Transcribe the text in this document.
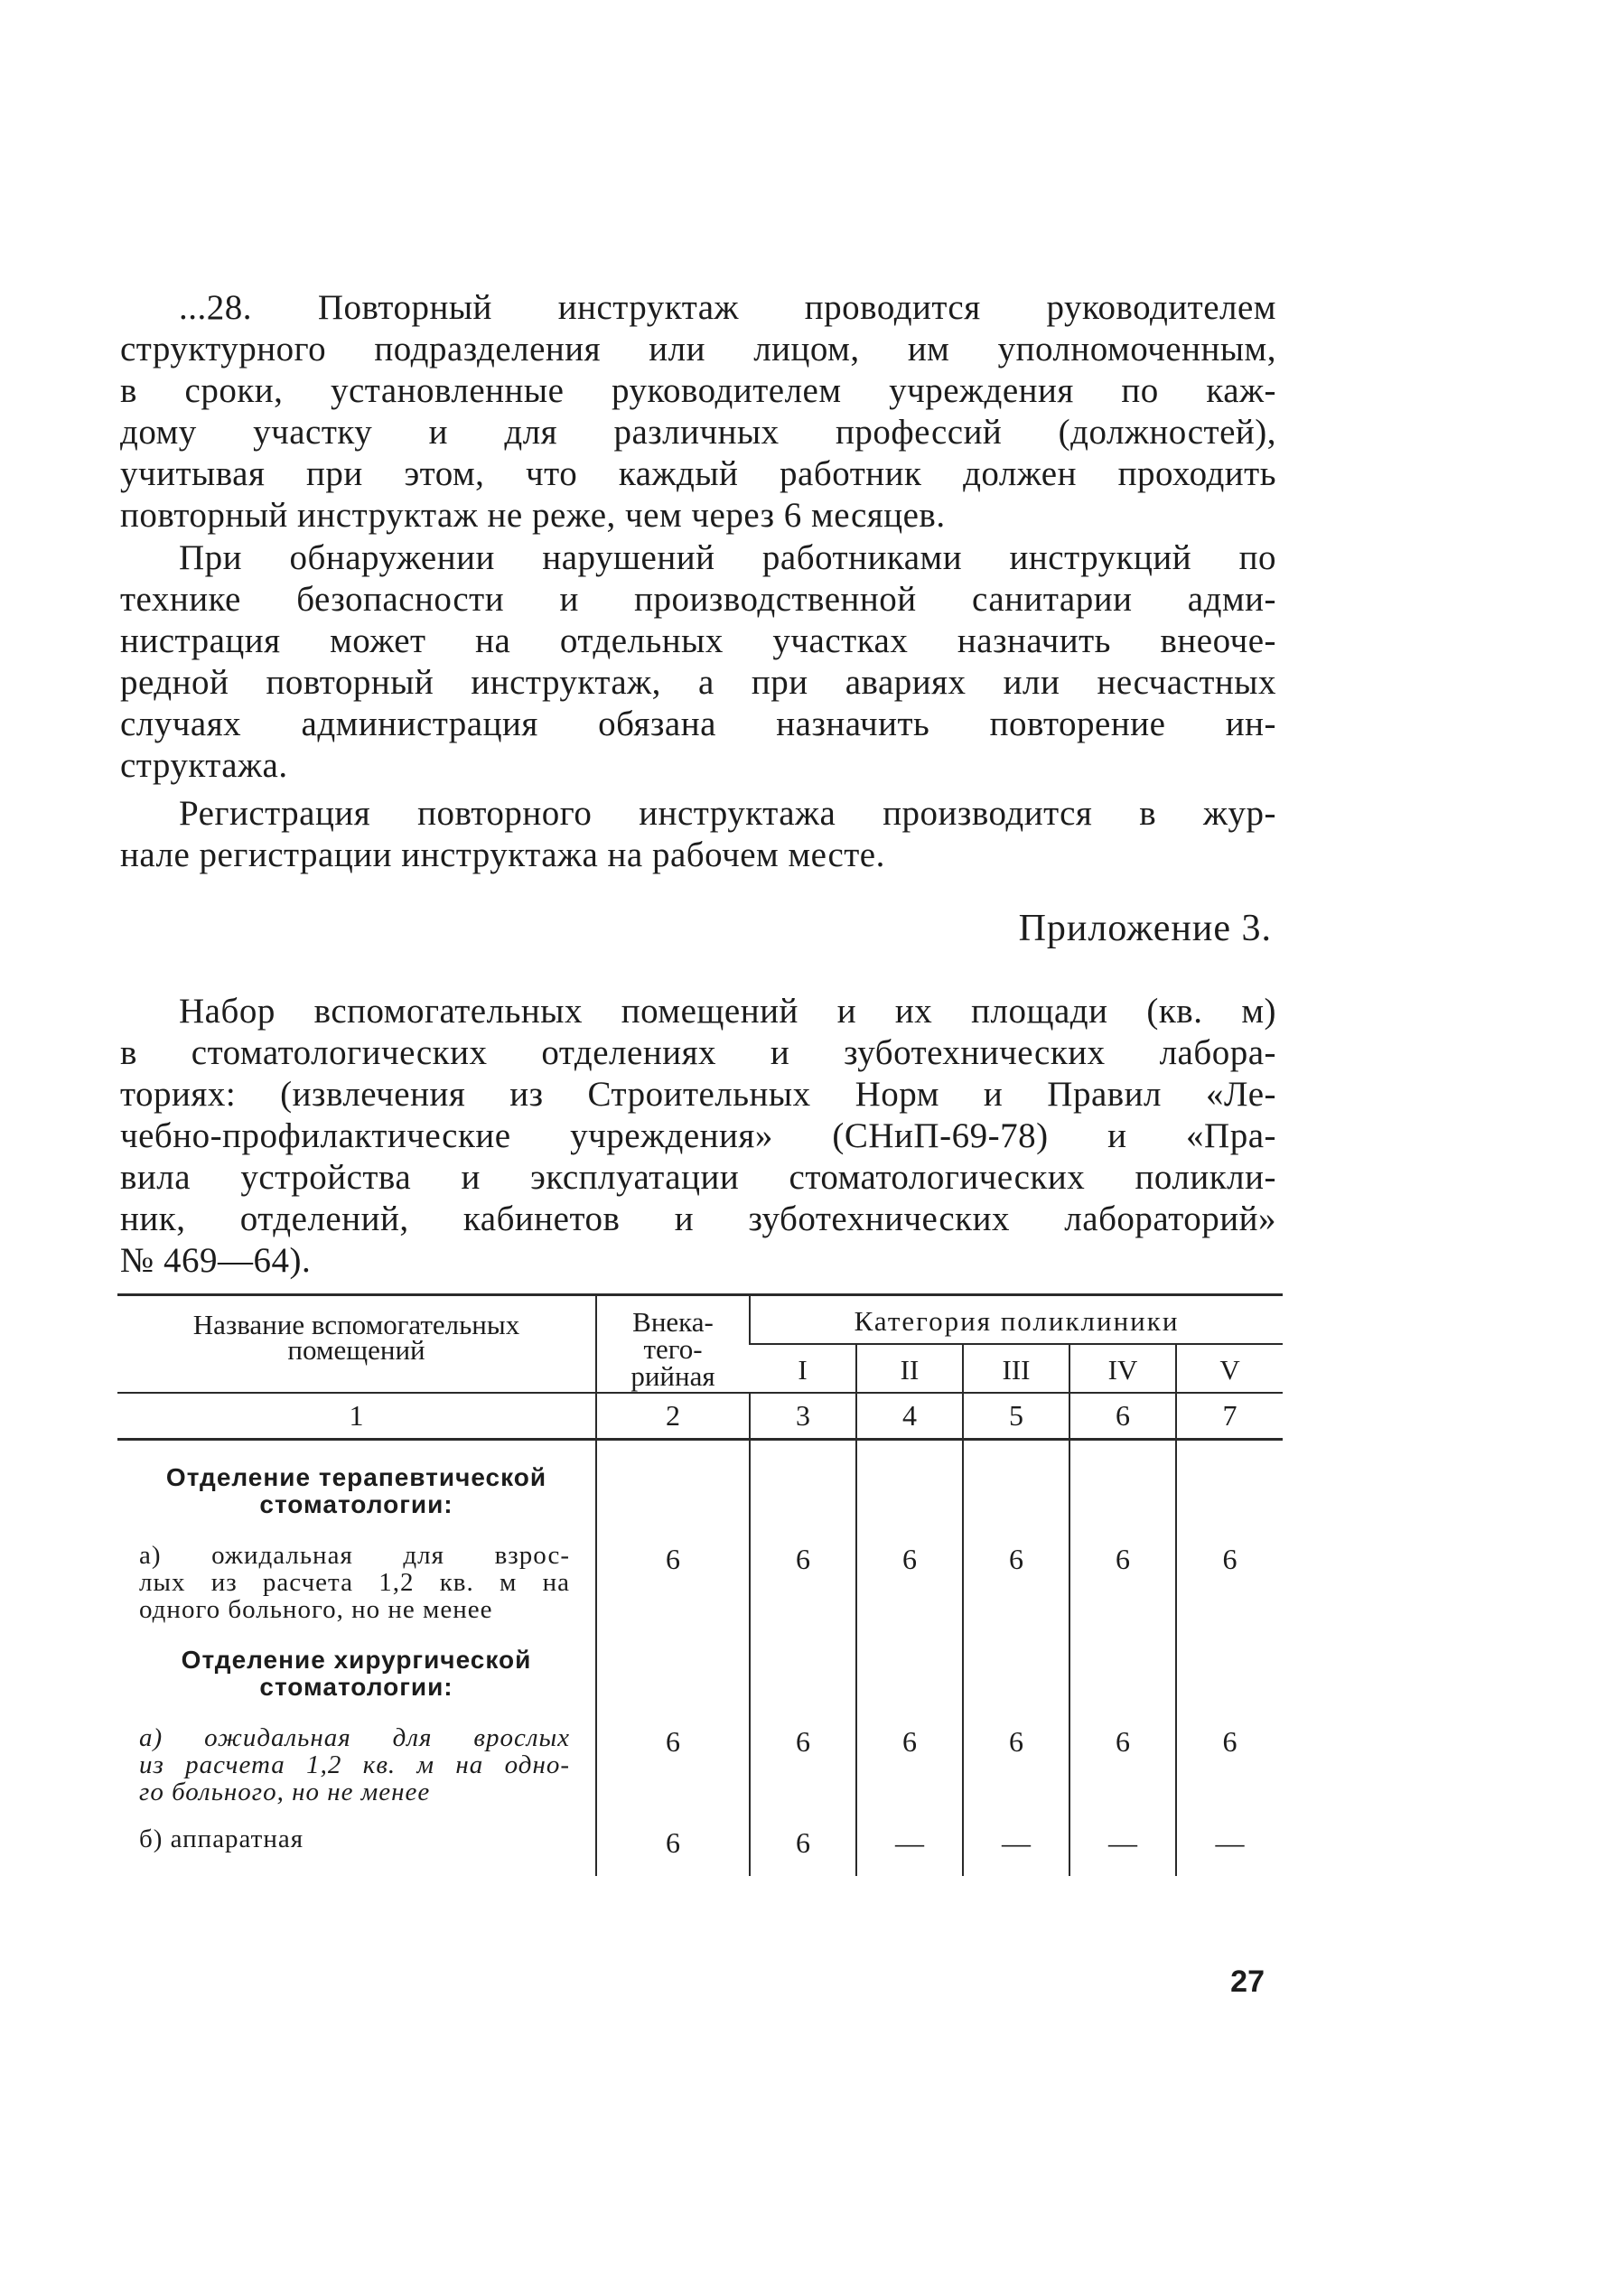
...28. Повторный инструктаж проводится руководителем
структурного подразделения или лицом, им уполномоченным,
в сроки, установленные руководителем учреждения по каж-
дому участку и для различных профессий (должностей),
учитывая при этом, что каждый работник должен проходить
повторный инструктаж не реже, чем через 6 месяцев.

При обнаружении нарушений работниками инструкций по
технике безопасности и производственной санитарии адми-
нистрация может на отдельных участках назначить внеоче-
редной повторный инструктаж, а при авариях или несчастных
случаях администрация обязана назначить повторение ин-
структажа.

Регистрация повторного инструктажа производится в жур-
нале регистрации инструктажа на рабочем месте.

Приложение 3.

Набор вспомогательных помещений и их площади (кв. м)
в стоматологических отделениях и зуботехнических лабора-
ториях: (извлечения из Строительных Норм и Правил «Ле-
чебно-профилактические учреждения» (СНиП-69-78) и «Пра-
вила устройства и эксплуатации стоматологических поликли-
ник, отделений, кабинетов и зуботехнических лабораторий»
№ 469—64).

Название вспомогательных помещений	Внека-
тего-
рийная	Категория поликлиники				
		I	II	III	IV	V
1	2	3	4	5	6	7

Отделение терапевтической
стоматологии:						

а) ожидальная для взрос-
лых из расчета 1,2 кв. м на
одного больного, но не менее	6	6	6	6	6	6

Отделение хирургической
стоматологии:						

а) ожидальная для врослых
из расчета 1,2 кв. м на одно-
го больного, но не менее	6	6	6	6	6	6

б) аппаратная	6	6	—	—	—	—

27
